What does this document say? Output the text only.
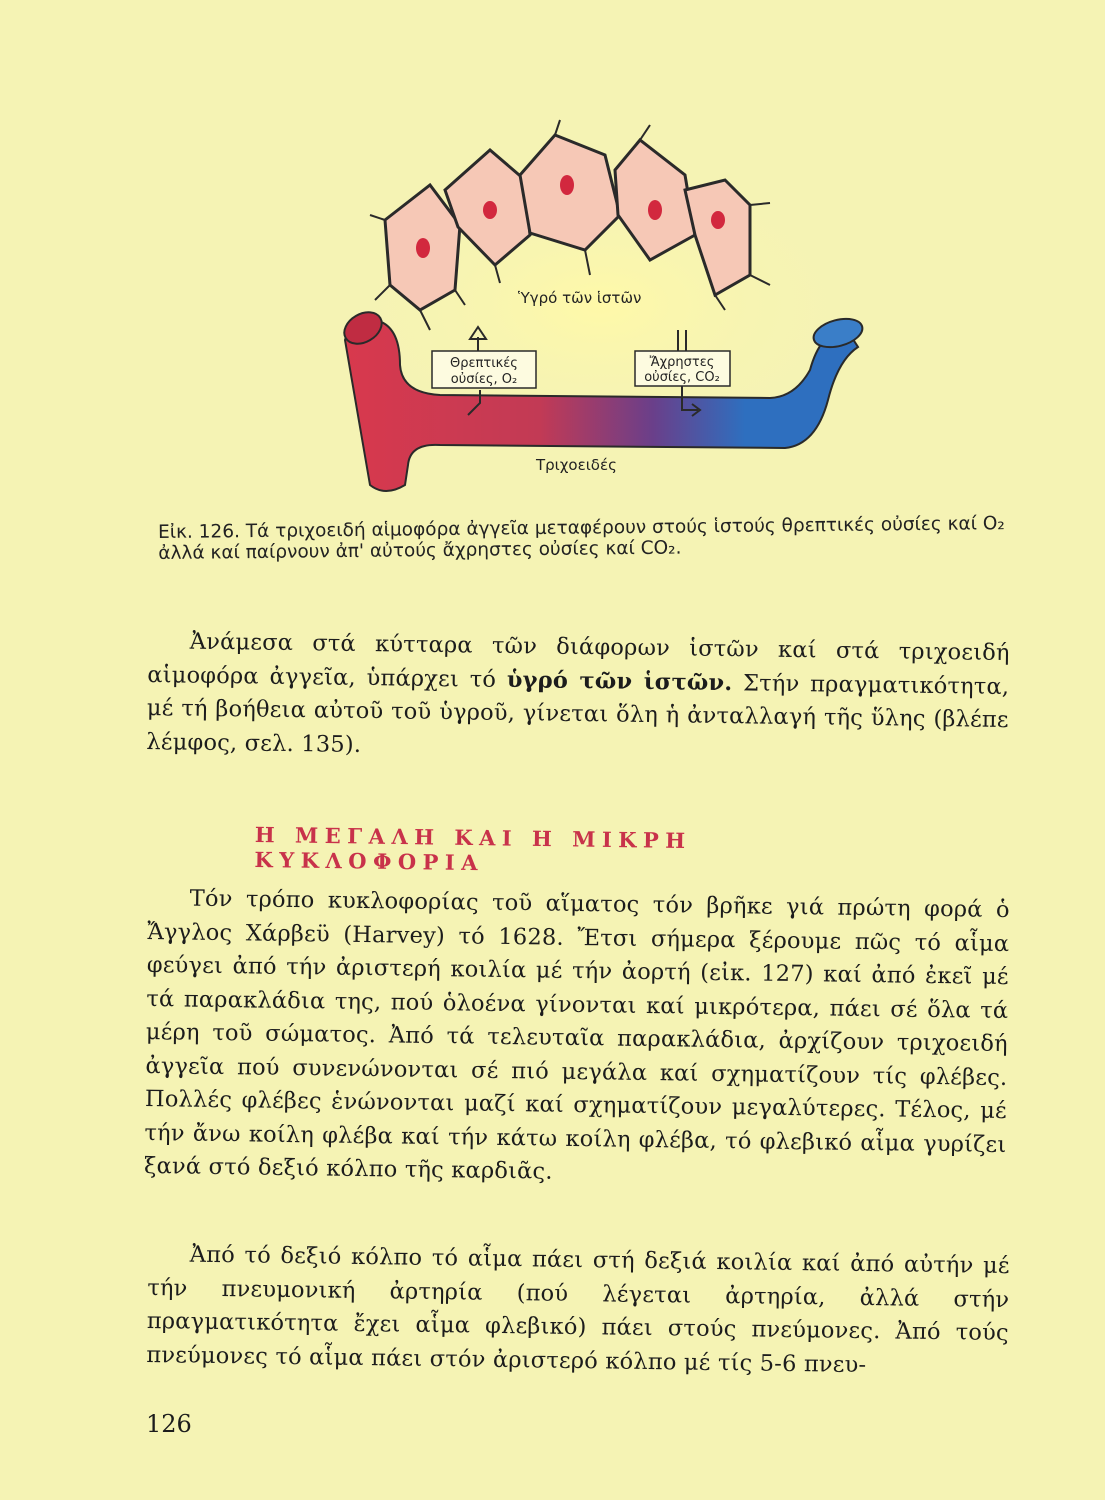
Ὑγρό τῶν ἱστῶν
Θρεπτικές
οὐσίες, O₂
Ἄχρηστες
οὐσίες, CO₂
Τριχοειδές
Εἰκ. 126. Τά τριχοειδή αἱμοφόρα ἀγγεῖα μεταφέρουν στούς ἱστούς θρεπτικές οὐσίες καί O₂ ἀλλά καί παίρνουν ἀπ' αὐτούς ἄχρηστες οὐσίες καί CO₂.
Ἀνάμεσα στά κύτταρα τῶν διάφορων ἱστῶν καί στά τριχοειδή αἱμοφόρα ἀγγεῖα, ὑπάρχει τό ὑγρό τῶν ἱστῶν. Στήν πραγματικότητα, μέ τή βοήθεια αὐτοῦ τοῦ ὑγροῦ, γίνεται ὅλη ἡ ἀνταλλαγή τῆς ὕλης (βλέπε λέμφος, σελ. 135).
Η ΜΕΓΑΛΗ ΚΑΙ Η ΜΙΚΡΗ ΚΥΚΛΟΦΟΡΙΑ
Τόν τρόπο κυκλοφορίας τοῦ αἵματος τόν βρῆκε γιά πρώτη φορά ὁ Ἄγγλος Χάρβεϋ (Harvey) τό 1628. Ἔτσι σήμερα ξέρουμε πῶς τό αἷμα φεύγει ἀπό τήν ἀριστερή κοιλία μέ τήν ἀορτή (εἰκ. 127) καί ἀπό ἐκεῖ μέ τά παρακλάδια της, πού ὁλοένα γίνονται καί μικρότερα, πάει σέ ὅλα τά μέρη τοῦ σώματος. Ἀπό τά τελευταῖα παρακλάδια, ἀρχίζουν τριχοειδή ἀγγεῖα πού συνενώνονται σέ πιό μεγάλα καί σχηματίζουν τίς φλέβες. Πολλές φλέβες ἑνώνονται μαζί καί σχηματίζουν μεγαλύτερες. Τέλος, μέ τήν ἄνω κοίλη φλέβα καί τήν κάτω κοίλη φλέβα, τό φλεβικό αἷμα γυρίζει ξανά στό δεξιό κόλπο τῆς καρδιᾶς.
Ἀπό τό δεξιό κόλπο τό αἷμα πάει στή δεξιά κοιλία καί ἀπό αὐτήν μέ τήν πνευμονική ἀρτηρία (πού λέγεται ἀρτηρία, ἀλλά στήν πραγματικότητα ἔχει αἷμα φλεβικό) πάει στούς πνεύμονες. Ἀπό τούς πνεύμονες τό αἷμα πάει στόν ἀριστερό κόλπο μέ τίς 5-6 πνευ-
126
